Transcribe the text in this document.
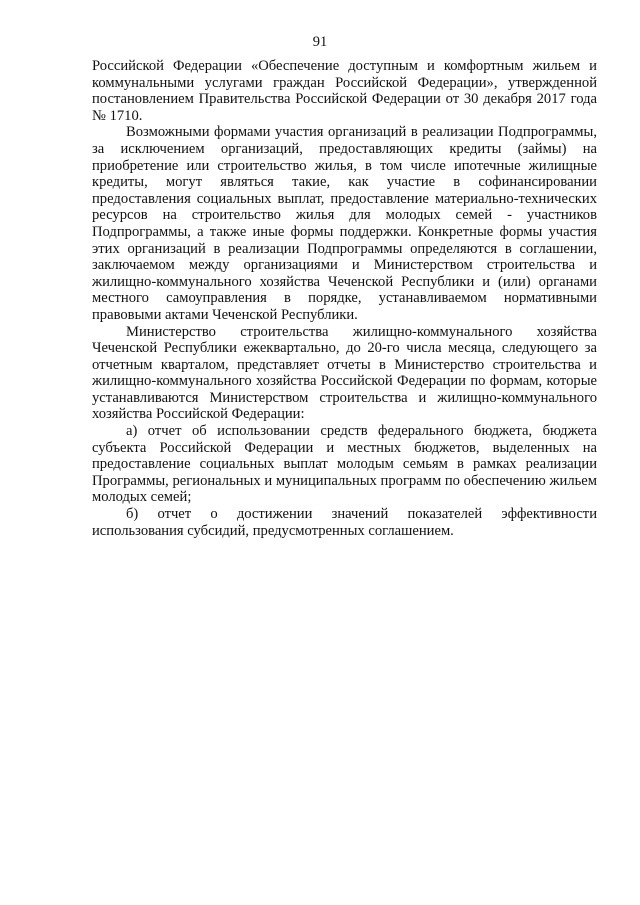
91

Российской Федерации «Обеспечение доступным и комфортным жильем и коммунальными услугами граждан Российской Федерации», утвержденной постановлением Правительства Российской Федерации от 30 декабря 2017 года № 1710.

Возможными формами участия организаций в реализации Подпрограммы, за исключением организаций, предоставляющих кредиты (займы) на приобретение или строительство жилья, в том числе ипотечные жилищные кредиты, могут являться такие, как участие в софинансировании предоставления социальных выплат, предоставление материально-технических ресурсов на строительство жилья для молодых семей - участников Подпрограммы, а также иные формы поддержки. Конкретные формы участия этих организаций в реализации Подпрограммы определяются в соглашении, заключаемом между организациями и Министерством строительства и жилищно-коммунального хозяйства Чеченской Республики и (или) органами местного самоуправления в порядке, устанавливаемом нормативными правовыми актами Чеченской Республики.

Министерство строительства жилищно-коммунального хозяйства Чеченской Республики ежеквартально, до 20-го числа месяца, следующего за отчетным кварталом, представляет отчеты в Министерство строительства и жилищно-коммунального хозяйства Российской Федерации по формам, которые устанавливаются Министерством строительства и жилищно-коммунального хозяйства Российской Федерации:

а) отчет об использовании средств федерального бюджета, бюджета субъекта Российской Федерации и местных бюджетов, выделенных на предоставление социальных выплат молодым семьям в рамках реализации Программы, региональных и муниципальных программ по обеспечению жильем молодых семей;

б) отчет о достижении значений показателей эффективности использования субсидий, предусмотренных соглашением.
